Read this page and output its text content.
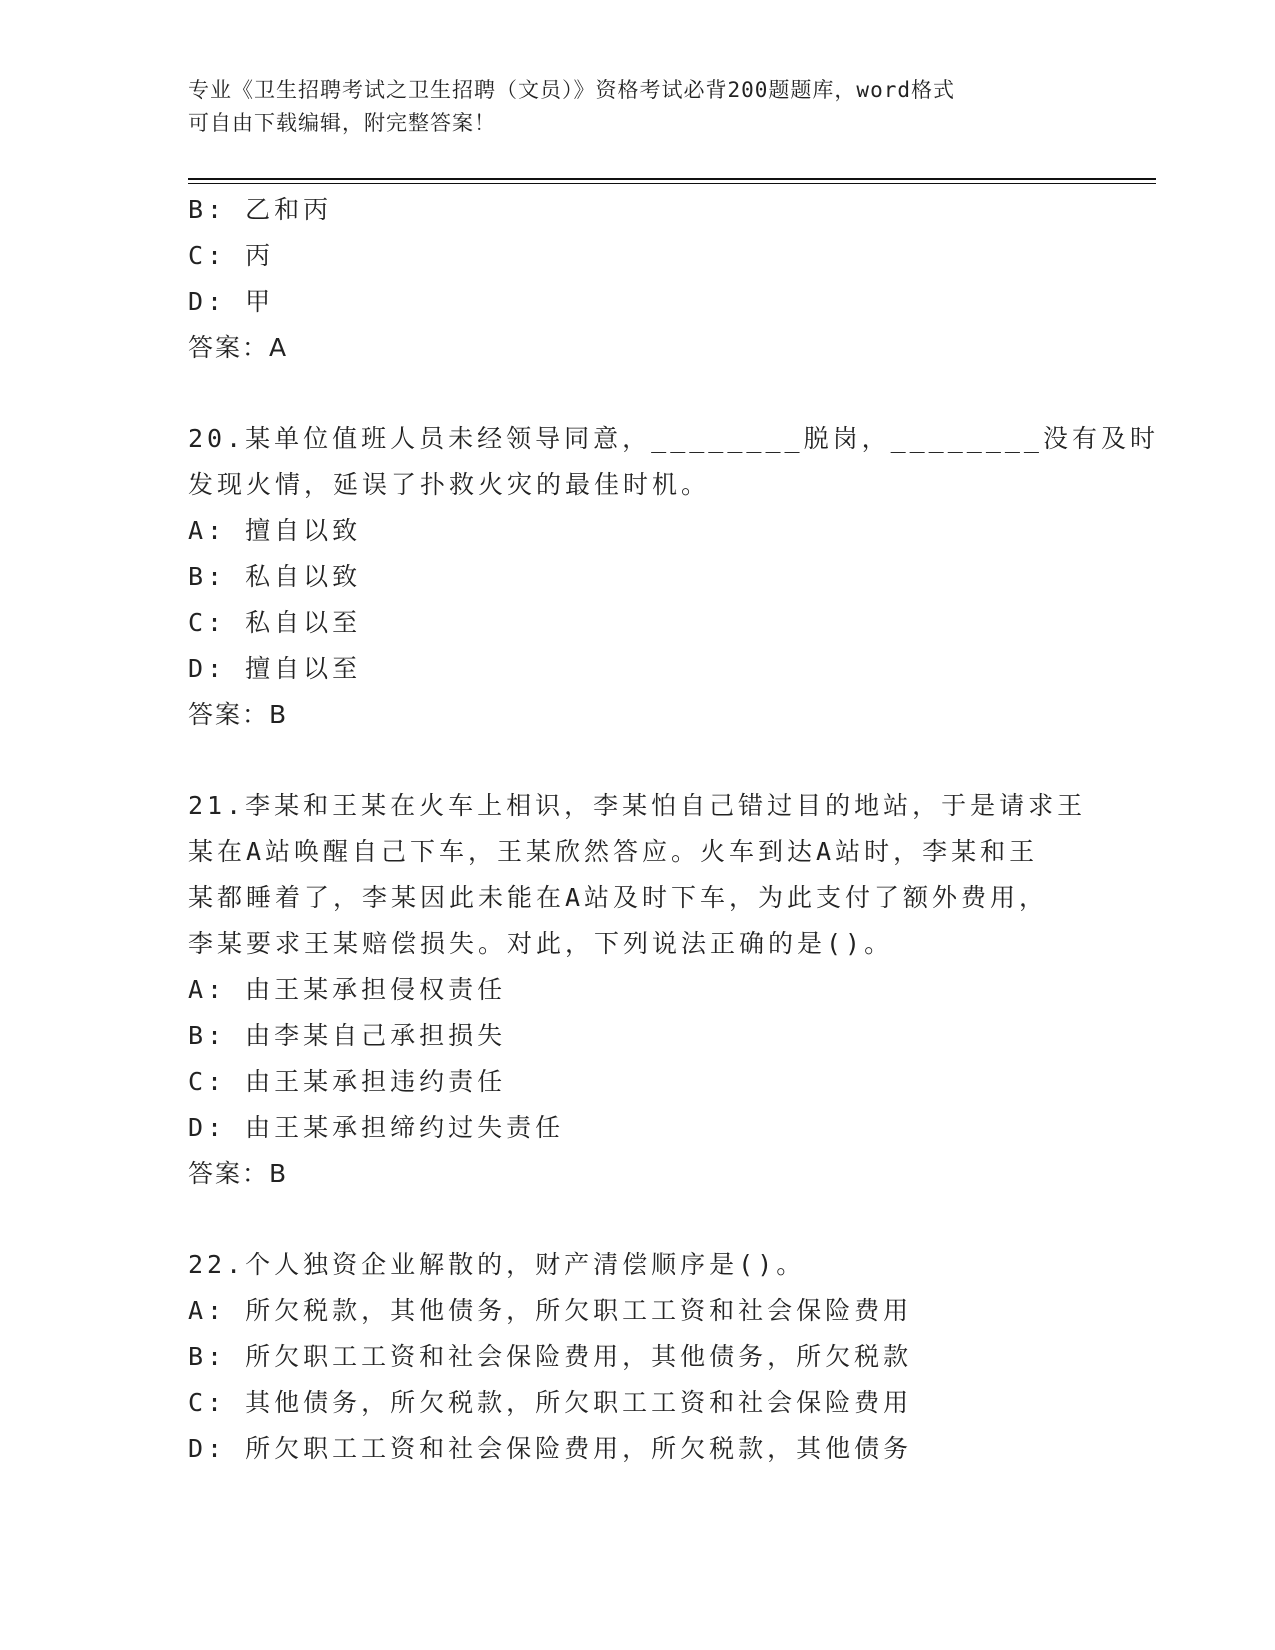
专业《卫生招聘考试之卫生招聘（文员）》资格考试必背200题题库，word格式
可自由下载编辑，附完整答案！
B: 乙和丙
C: 丙
D: 甲
答案：A
20.某单位值班人员未经领导同意，________脱岗，________没有及时
发现火情，延误了扑救火灾的最佳时机。
A: 擅自以致
B: 私自以致
C: 私自以至
D: 擅自以至
答案：B
21.李某和王某在火车上相识，李某怕自己错过目的地站，于是请求王
某在A站唤醒自己下车，王某欣然答应。火车到达A站时，李某和王
某都睡着了，李某因此未能在A站及时下车，为此支付了额外费用，
李某要求王某赔偿损失。对此，下列说法正确的是()。
A: 由王某承担侵权责任
B: 由李某自己承担损失
C: 由王某承担违约责任
D: 由王某承担缔约过失责任
答案：B
22.个人独资企业解散的，财产清偿顺序是()。
A: 所欠税款，其他债务，所欠职工工资和社会保险费用
B: 所欠职工工资和社会保险费用，其他债务，所欠税款
C: 其他债务，所欠税款，所欠职工工资和社会保险费用
D: 所欠职工工资和社会保险费用，所欠税款，其他债务
